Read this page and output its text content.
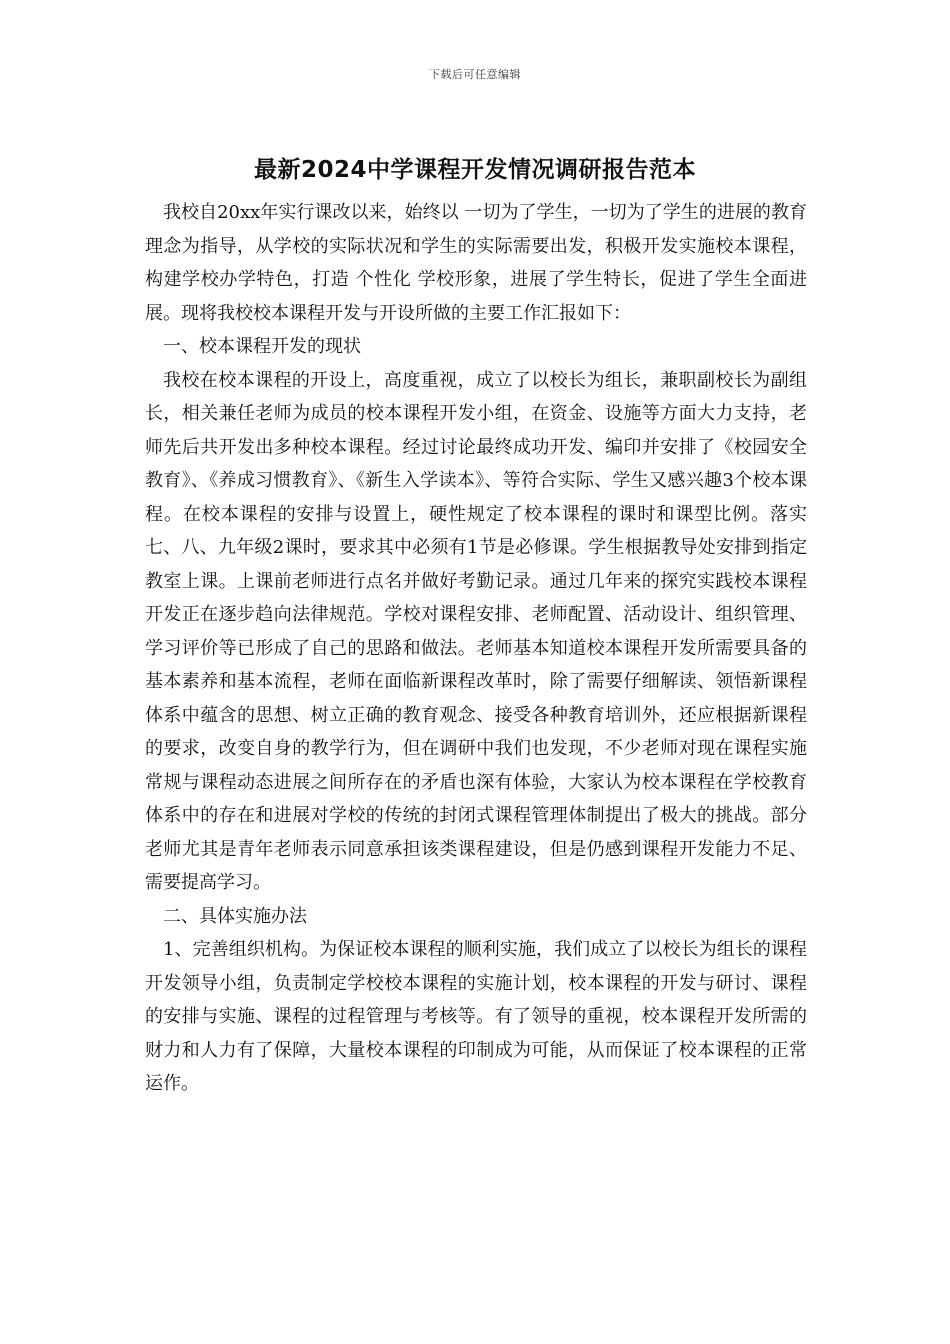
下载后可任意编辑
最新2024中学课程开发情况调研报告范本

我校自20xx年实行课改以来，始终以 一切为了学生，一切为了学生的进展的教育理念为指导，从学校的实际状况和学生的实际需要出发，积极开发实施校本课程，构建学校办学特色，打造 个性化 学校形象，进展了学生特长，促进了学生全面进展。现将我校校本课程开发与开设所做的主要工作汇报如下：

一、校本课程开发的现状

我校在校本课程的开设上，高度重视，成立了以校长为组长，兼职副校长为副组长，相关兼任老师为成员的校本课程开发小组，在资金、设施等方面大力支持，老师先后共开发出多种校本课程。经过讨论最终成功开发、编印并安排了《校园安全教育》、《养成习惯教育》、《新生入学读本》、等符合实际、学生又感兴趣3个校本课程。在校本课程的安排与设置上，硬性规定了校本课程的课时和课型比例。落实七、八、九年级2课时，要求其中必须有1节是必修课。学生根据教导处安排到指定教室上课。上课前老师进行点名并做好考勤记录。通过几年来的探究实践校本课程开发正在逐步趋向法律规范。学校对课程安排、老师配置、活动设计、组织管理、学习评价等已形成了自己的思路和做法。老师基本知道校本课程开发所需要具备的基本素养和基本流程，老师在面临新课程改革时，除了需要仔细解读、领悟新课程体系中蕴含的思想、树立正确的教育观念、接受各种教育培训外，还应根据新课程的要求，改变自身的教学行为，但在调研中我们也发现，不少老师对现在课程实施常规与课程动态进展之间所存在的矛盾也深有体验，大家认为校本课程在学校教育体系中的存在和进展对学校的传统的封闭式课程管理体制提出了极大的挑战。部分老师尤其是青年老师表示同意承担该类课程建设，但是仍感到课程开发能力不足、需要提高学习。

二、具体实施办法

1、完善组织机构。为保证校本课程的顺利实施，我们成立了以校长为组长的课程开发领导小组，负责制定学校校本课程的实施计划，校本课程的开发与研讨、课程的安排与实施、课程的过程管理与考核等。有了领导的重视，校本课程开发所需的财力和人力有了保障，大量校本课程的印制成为可能，从而保证了校本课程的正常运作。
